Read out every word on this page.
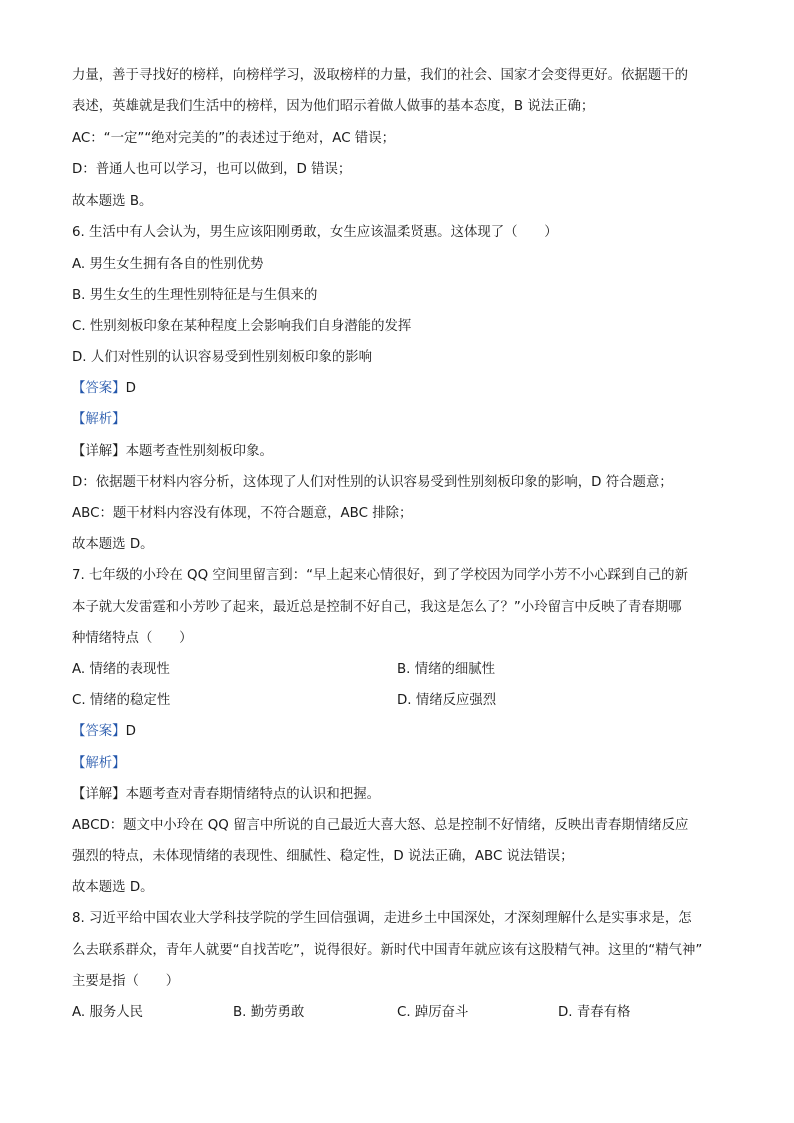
力量，善于寻找好的榜样，向榜样学习，汲取榜样的力量，我们的社会、国家才会变得更好。依据题干的
表述，英雄就是我们生活中的榜样，因为他们昭示着做人做事的基本态度，B 说法正确；
AC：“一定”“绝对完美的”的表述过于绝对，AC 错误；
D：普通人也可以学习，也可以做到，D 错误；
故本题选 B。
6. 生活中有人会认为，男生应该阳刚勇敢，女生应该温柔贤惠。这体现了（　　）
A. 男生女生拥有各自的性别优势
B. 男生女生的生理性别特征是与生俱来的
C. 性别刻板印象在某种程度上会影响我们自身潜能的发挥
D. 人们对性别的认识容易受到性别刻板印象的影响
【答案】D
【解析】
【详解】本题考查性别刻板印象。
D：依据题干材料内容分析，这体现了人们对性别的认识容易受到性别刻板印象的影响，D 符合题意；
ABC：题干材料内容没有体现，不符合题意，ABC 排除；
故本题选 D。
7. 七年级的小玲在 QQ 空间里留言到：“早上起来心情很好，到了学校因为同学小芳不小心踩到自己的新
本子就大发雷霆和小芳吵了起来，最近总是控制不好自己，我这是怎么了？”小玲留言中反映了青春期哪
种情绪特点（　　）
A. 情绪的表现性	B. 情绪的细腻性
C. 情绪的稳定性	D. 情绪反应强烈
【答案】D
【解析】
【详解】本题考查对青春期情绪特点的认识和把握。
ABCD：题文中小玲在 QQ 留言中所说的自己最近大喜大怒、总是控制不好情绪，反映出青春期情绪反应
强烈的特点，未体现情绪的表现性、细腻性、稳定性，D 说法正确，ABC 说法错误；
故本题选 D。
8. 习近平给中国农业大学科技学院的学生回信强调，走进乡土中国深处，才深刻理解什么是实事求是，怎
么去联系群众，青年人就要“自找苦吃”，说得很好。新时代中国青年就应该有这股精气神。这里的“精气神”
主要是指（　　）
A. 服务人民	B. 勤劳勇敢	C. 踔厉奋斗	D. 青春有格
